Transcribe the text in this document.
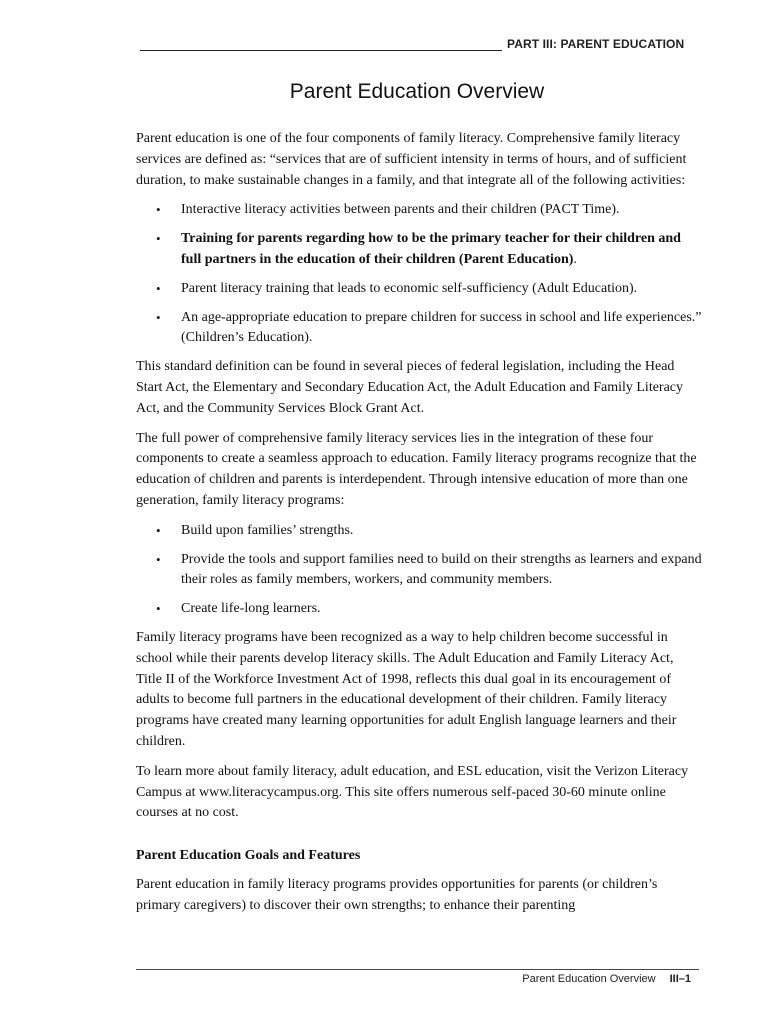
PART III: PARENT EDUCATION
Parent Education Overview

Parent education is one of the four components of family literacy. Comprehensive family literacy services are defined as: “services that are of sufficient intensity in terms of hours, and of sufficient duration, to make sustainable changes in a family, and that integrate all of the following activities:

• Interactive literacy activities between parents and their children (PACT Time).
• Training for parents regarding how to be the primary teacher for their children and full partners in the education of their children (Parent Education).
• Parent literacy training that leads to economic self-sufficiency (Adult Education).
• An age-appropriate education to prepare children for success in school and life experiences.” (Children’s Education).

This standard definition can be found in several pieces of federal legislation, including the Head Start Act, the Elementary and Secondary Education Act, the Adult Education and Family Literacy Act, and the Community Services Block Grant Act.

The full power of comprehensive family literacy services lies in the integration of these four components to create a seamless approach to education. Family literacy programs recognize that the education of children and parents is interdependent. Through intensive education of more than one generation, family literacy programs:

• Build upon families’ strengths.
• Provide the tools and support families need to build on their strengths as learners and expand their roles as family members, workers, and community members.
• Create life-long learners.

Family literacy programs have been recognized as a way to help children become successful in school while their parents develop literacy skills. The Adult Education and Family Literacy Act, Title II of the Workforce Investment Act of 1998, reflects this dual goal in its encouragement of adults to become full partners in the educational development of their children. Family literacy programs have created many learning opportunities for adult English language learners and their children.

To learn more about family literacy, adult education, and ESL education, visit the Verizon Literacy Campus at www.literacycampus.org. This site offers numerous self-paced 30-60 minute online courses at no cost.

Parent Education Goals and Features

Parent education in family literacy programs provides opportunities for parents (or children’s primary caregivers) to discover their own strengths; to enhance their parenting

Parent Education Overview III–1
